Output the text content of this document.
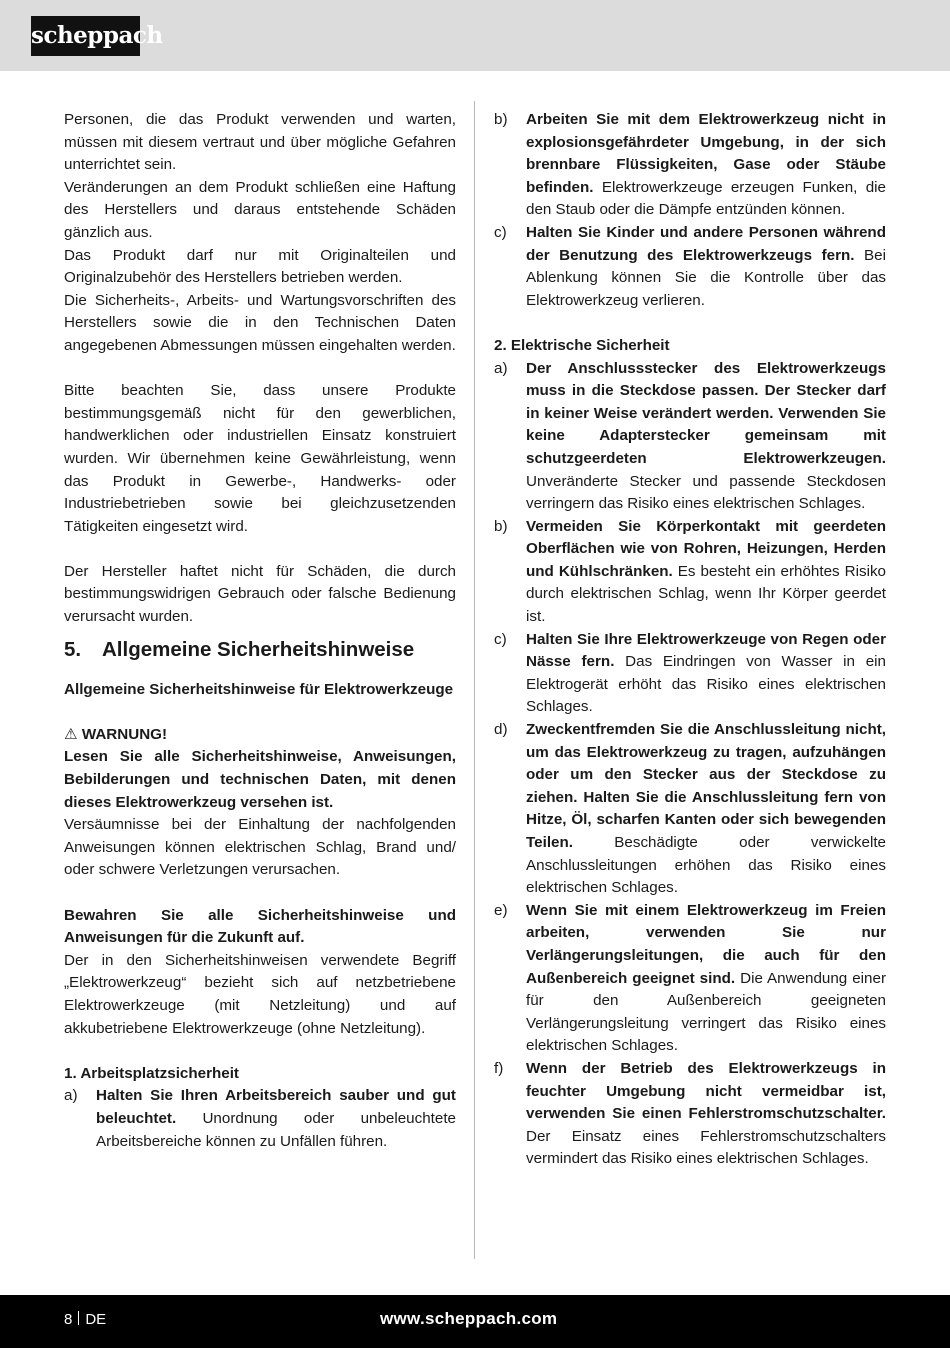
scheppach

Personen, die das Produkt verwenden und warten, müssen mit diesem vertraut und über mögliche Gefahren unterrichtet sein.

Veränderungen an dem Produkt schließen eine Haftung des Herstellers und daraus entstehende Schäden gänzlich aus.

Das Produkt darf nur mit Originalteilen und Originalzubehör des Herstellers betrieben werden.

Die Sicherheits-, Arbeits- und Wartungsvorschriften des Herstellers sowie die in den Technischen Daten angegebenen Abmessungen müssen eingehalten werden.

Bitte beachten Sie, dass unsere Produkte bestimmungsgemäß nicht für den gewerblichen, handwerklichen oder industriellen Einsatz konstruiert wurden. Wir übernehmen keine Gewährleistung, wenn das Produkt in Gewerbe-, Handwerks- oder Industriebetrieben sowie bei gleichzusetzenden Tätigkeiten eingesetzt wird.

Der Hersteller haftet nicht für Schäden, die durch bestimmungswidrigen Gebrauch oder falsche Bedienung verursacht wurden.

5.	Allgemeine Sicherheitshinweise

Allgemeine Sicherheitshinweise für Elektrowerkzeuge

⚠ WARNUNG!

Lesen Sie alle Sicherheitshinweise, Anweisungen, Bebilderungen und technischen Daten, mit denen dieses Elektrowerkzeug versehen ist.

Versäumnisse bei der Einhaltung der nachfolgenden Anweisungen können elektrischen Schlag, Brand und/ oder schwere Verletzungen verursachen.

Bewahren Sie alle Sicherheitshinweise und Anweisungen für die Zukunft auf.

Der in den Sicherheitshinweisen verwendete Begriff „Elektrowerkzeug“ bezieht sich auf netzbetriebene Elektrowerkzeuge (mit Netzleitung) und auf akkubetriebene Elektrowerkzeuge (ohne Netzleitung).

1. Arbeitsplatzsicherheit

a)	Halten Sie Ihren Arbeitsbereich sauber und gut beleuchtet. Unordnung oder unbeleuchtete Arbeitsbereiche können zu Unfällen führen.
b)	Arbeiten Sie mit dem Elektrowerkzeug nicht in explosionsgefährdeter Umgebung, in der sich brennbare Flüssigkeiten, Gase oder Stäube befinden. Elektrowerkzeuge erzeugen Funken, die den Staub oder die Dämpfe entzünden können.
c)	Halten Sie Kinder und andere Personen während der Benutzung des Elektrowerkzeugs fern. Bei Ablenkung können Sie die Kontrolle über das Elektrowerkzeug verlieren.

2. Elektrische Sicherheit

a)	Der Anschlussstecker des Elektrowerkzeugs muss in die Steckdose passen. Der Stecker darf in keiner Weise verändert werden. Verwenden Sie keine Adapterstecker gemeinsam mit schutzgeerdeten Elektrowerkzeugen. Unveränderte Stecker und passende Steckdosen verringern das Risiko eines elektrischen Schlages.
b)	Vermeiden Sie Körperkontakt mit geerdeten Oberflächen wie von Rohren, Heizungen, Herden und Kühlschränken. Es besteht ein erhöhtes Risiko durch elektrischen Schlag, wenn Ihr Körper geerdet ist.
c)	Halten Sie Ihre Elektrowerkzeuge von Regen oder Nässe fern. Das Eindringen von Wasser in ein Elektrogerät erhöht das Risiko eines elektrischen Schlages.
d)	Zweckentfremden Sie die Anschlussleitung nicht, um das Elektrowerkzeug zu tragen, aufzuhängen oder um den Stecker aus der Steckdose zu ziehen. Halten Sie die Anschlussleitung fern von Hitze, Öl, scharfen Kanten oder sich bewegenden Teilen. Beschädigte oder verwickelte Anschlussleitungen erhöhen das Risiko eines elektrischen Schlages.
e)	Wenn Sie mit einem Elektrowerkzeug im Freien arbeiten, verwenden Sie nur Verlängerungsleitungen, die auch für den Außenbereich geeignet sind. Die Anwendung einer für den Außenbereich geeigneten Verlängerungsleitung verringert das Risiko eines elektrischen Schlages.
f)	Wenn der Betrieb des Elektrowerkzeugs in feuchter Umgebung nicht vermeidbar ist, verwenden Sie einen Fehlerstromschutzschalter. Der Einsatz eines Fehlerstromschutzschalters vermindert das Risiko eines elektrischen Schlages.
8 DE	www.scheppach.com
